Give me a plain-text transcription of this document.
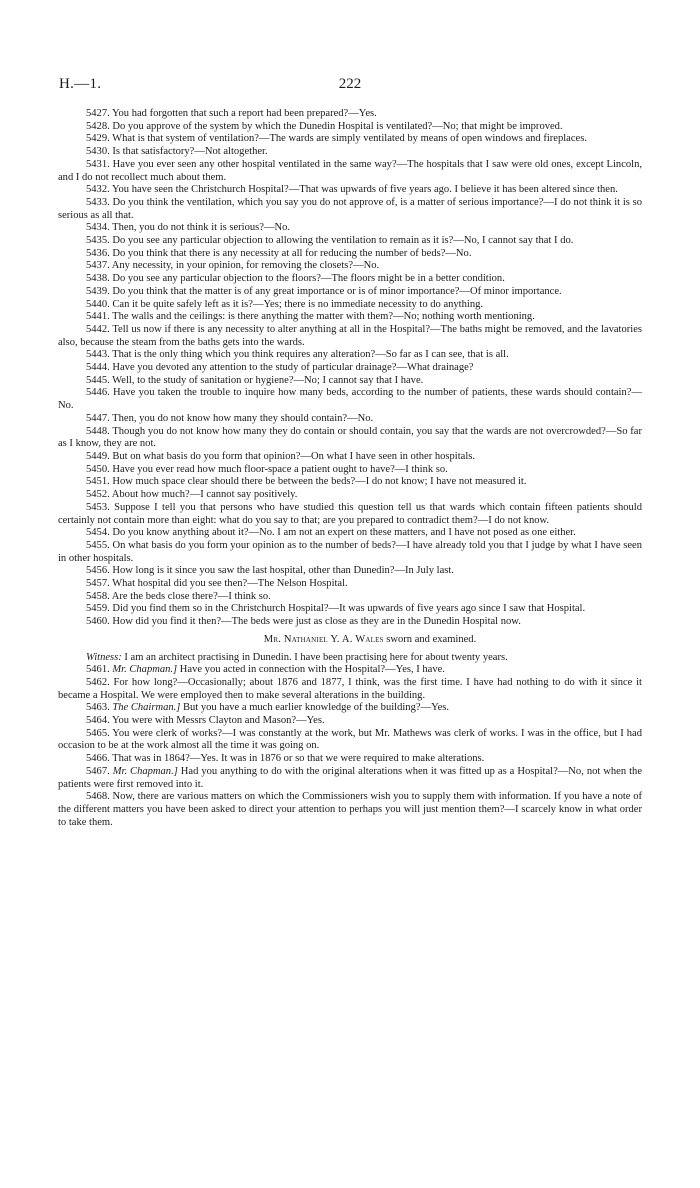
H.—1.	222

5427. You had forgotten that such a report had been prepared?—Yes.

5428. Do you approve of the system by which the Dunedin Hospital is ventilated?—No; that might be improved.

5429. What is that system of ventilation?—The wards are simply ventilated by means of open windows and fireplaces.

5430. Is that satisfactory?—Not altogether.

5431. Have you ever seen any other hospital ventilated in the same way?—The hospitals that I saw were old ones, except Lincoln, and I do not recollect much about them.

5432. You have seen the Christchurch Hospital?—That was upwards of five years ago. I believe it has been altered since then.

5433. Do you think the ventilation, which you say you do not approve of, is a matter of serious importance?—I do not think it is so serious as all that.

5434. Then, you do not think it is serious?—No.

5435. Do you see any particular objection to allowing the ventilation to remain as it is?—No, I cannot say that I do.

5436. Do you think that there is any necessity at all for reducing the number of beds?—No.

5437. Any necessity, in your opinion, for removing the closets?—No.

5438. Do you see any particular objection to the floors?—The floors might be in a better condition.

5439. Do you think that the matter is of any great importance or is of minor importance?—Of minor importance.

5440. Can it be quite safely left as it is?—Yes; there is no immediate necessity to do anything.

5441. The walls and the ceilings: is there anything the matter with them?—No; nothing worth mentioning.

5442. Tell us now if there is any necessity to alter anything at all in the Hospital?—The baths might be removed, and the lavatories also, because the steam from the baths gets into the wards.

5443. That is the only thing which you think requires any alteration?—So far as I can see, that is all.

5444. Have you devoted any attention to the study of particular drainage?—What drainage?

5445. Well, to the study of sanitation or hygiene?—No; I cannot say that I have.

5446. Have you taken the trouble to inquire how many beds, according to the number of patients, these wards should contain?—No.

5447. Then, you do not know how many they should contain?—No.

5448. Though you do not know how many they do contain or should contain, you say that the wards are not overcrowded?—So far as I know, they are not.

5449. But on what basis do you form that opinion?—On what I have seen in other hospitals.

5450. Have you ever read how much floor-space a patient ought to have?—I think so.

5451. How much space clear should there be between the beds?—I do not know; I have not measured it.

5452. About how much?—I cannot say positively.

5453. Suppose I tell you that persons who have studied this question tell us that wards which contain fifteen patients should certainly not contain more than eight: what do you say to that; are you prepared to contradict them?—I do not know.

5454. Do you know anything about it?—No. I am not an expert on these matters, and I have not posed as one either.

5455. On what basis do you form your opinion as to the number of beds?—I have already told you that I judge by what I have seen in other hospitals.

5456. How long is it since you saw the last hospital, other than Dunedin?—In July last.

5457. What hospital did you see then?—The Nelson Hospital.

5458. Are the beds close there?—I think so.

5459. Did you find them so in the Christchurch Hospital?—It was upwards of five years ago since I saw that Hospital.

5460. How did you find it then?—The beds were just as close as they are in the Dunedin Hospital now.

Mr. Nathaniel Y. A. Wales sworn and examined.

Witness: I am an architect practising in Dunedin. I have been practising here for about twenty years.

5461. Mr. Chapman.] Have you acted in connection with the Hospital?—Yes, I have.

5462. For how long?—Occasionally; about 1876 and 1877, I think, was the first time. I have had nothing to do with it since it became a Hospital. We were employed then to make several alterations in the building.

5463. The Chairman.] But you have a much earlier knowledge of the building?—Yes.

5464. You were with Messrs Clayton and Mason?—Yes.

5465. You were clerk of works?—I was constantly at the work, but Mr. Mathews was clerk of works. I was in the office, but I had occasion to be at the work almost all the time it was going on.

5466. That was in 1864?—Yes. It was in 1876 or so that we were required to make alterations.

5467. Mr. Chapman.] Had you anything to do with the original alterations when it was fitted up as a Hospital?—No, not when the patients were first removed into it.

5468. Now, there are various matters on which the Commissioners wish you to supply them with information. If you have a note of the different matters you have been asked to direct your attention to perhaps you will just mention them?—I scarcely know in what order to take them.
